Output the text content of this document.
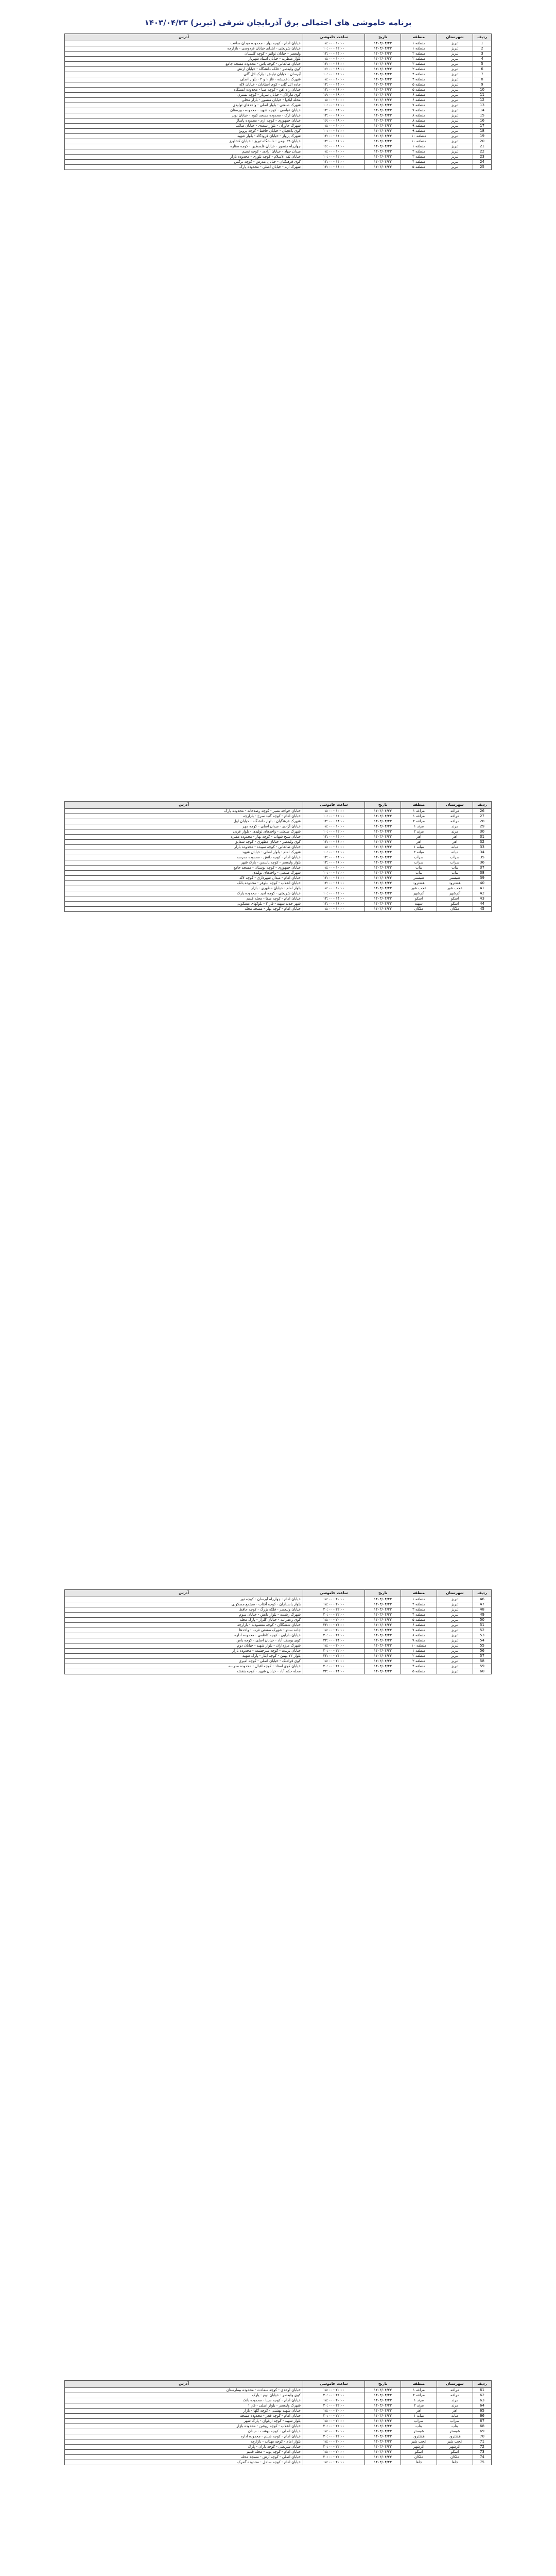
برنامه خاموشی های احتمالی برق آذربایجان شرقی (تبریز) ۱۴۰۳/۰۴/۲۳
ردیف	شهرستان	منطقه	تاریخ	ساعت خاموشی	آدرس
1	تبریز	منطقه ۱	۱۴۰۳/۰۴/۲۳	۰۸:۰۰ - ۱۰:۰۰	خیابان امام - کوچه بهار - محدوده میدان ساعت
2	تبریز	منطقه ۱	۱۴۰۳/۰۴/۲۳	۱۰:۰۰ - ۱۲:۰۰	خیابان شریعتی - ابتدای خیابان فردوسی - بازارچه
3	تبریز	منطقه ۲	۱۴۰۳/۰۴/۲۳	۱۲:۰۰ - ۱۴:۰۰	ولیعصر - خیابان توانیر - کوچه گلستان
4	تبریز	منطقه ۲	۱۴۰۳/۰۴/۲۳	۰۸:۰۰ - ۱۰:۰۰	بلوار منظریه - خیابان استاد شهریار
5	تبریز	منطقه ۳	۱۴۰۳/۰۴/۲۳	۱۴:۰۰ - ۱۶:۰۰	خیابان طالقانی - کوچه یاس - محدوده مسجد جامع
6	تبریز	منطقه ۳	۱۴۰۳/۰۴/۲۳	۱۶:۰۰ - ۱۸:۰۰	کوی ولیعصر - فلکه دانشگاه - خیابان ارتش
7	تبریز	منطقه ۴	۱۴۰۳/۰۴/۲۳	۱۰:۰۰ - ۱۲:۰۰	آبرسان - خیابان نیایش - پارک ائل گلی
8	تبریز	منطقه ۴	۱۴۰۳/۰۴/۲۳	۰۸:۰۰ - ۱۰:۰۰	شهرک باغمیشه - فاز ۱ و ۲ - بلوار اصلی
9	تبریز	منطقه ۵	۱۴۰۳/۰۴/۲۳	۱۲:۰۰ - ۱۴:۰۰	جاده ائل گلی - کوی استادان - خیابان لاله
10	تبریز	منطقه ۵	۱۴۰۳/۰۴/۲۳	۱۴:۰۰ - ۱۶:۰۰	خیابان راه آهن - کوچه صبا - محدوده ایستگاه
11	تبریز	منطقه ۶	۱۴۰۳/۰۴/۲۳	۱۶:۰۰ - ۱۸:۰۰	کوی مارالان - خیابان سرباز - کوچه نسترن
12	تبریز	منطقه ۶	۱۴۰۳/۰۴/۲۳	۰۸:۰۰ - ۱۰:۰۰	محله لیلاوا - خیابان منصور - بازار محلی
13	تبریز	منطقه ۷	۱۴۰۳/۰۴/۲۳	۱۰:۰۰ - ۱۲:۰۰	شهرک صنعتی - بلوار اصلی - واحدهای تولیدی
14	تبریز	منطقه ۷	۱۴۰۳/۰۴/۲۳	۱۲:۰۰ - ۱۴:۰۰	خیابان عباسی - کوچه شهید - محدوده دبیرستان
15	تبریز	منطقه ۸	۱۴۰۳/۰۴/۲۳	۱۴:۰۰ - ۱۶:۰۰	خیابان ارک - محدوده مسجد کبود - خیابان نوبر
16	تبریز	منطقه ۸	۱۴۰۳/۰۴/۲۳	۱۶:۰۰ - ۱۸:۰۰	خیابان جمهوری - کوچه ارم - محدوده پاساژ
17	تبریز	منطقه ۹	۱۴۰۳/۰۴/۲۳	۰۸:۰۰ - ۱۰:۰۰	شهرک خاوران - بلوار سعدی - خیابان صائب
18	تبریز	منطقه ۹	۱۴۰۳/۰۴/۲۳	۱۰:۰۰ - ۱۲:۰۰	کوی یاغچیان - خیابان حافظ - کوچه پروین
19	تبریز	منطقه ۱۰	۱۴۰۳/۰۴/۲۳	۱۲:۰۰ - ۱۴:۰۰	شهرک پرواز - خیابان فرودگاه - بلوار شهید
20	تبریز	منطقه ۱۰	۱۴۰۳/۰۴/۲۳	۱۴:۰۰ - ۱۶:۰۰	خیابان ۲۹ بهمن - دانشگاه تبریز - خیابان کشاورز
21	تبریز	منطقه ۱	۱۴۰۳/۰۴/۲۳	۱۶:۰۰ - ۱۸:۰۰	چهارراه منصور - خیابان فلسطین - کوچه ستاره
22	تبریز	منطقه ۲	۱۴۰۳/۰۴/۲۳	۰۸:۰۰ - ۱۰:۰۰	میدان جهاد - خیابان آزادی - کوچه نسیم
23	تبریز	منطقه ۳	۱۴۰۳/۰۴/۲۳	۱۰:۰۰ - ۱۲:۰۰	خیابان ثقه الاسلام - کوچه بلوری - محدوده بازار
24	تبریز	منطقه ۴	۱۴۰۳/۰۴/۲۳	۱۲:۰۰ - ۱۴:۰۰	کوی فرهنگیان - خیابان مدرس - کوچه نرگس
25	تبریز	منطقه ۵	۱۴۰۳/۰۴/۲۳	۱۴:۰۰ - ۱۶:۰۰	شهرک ارم - خیابان اصلی - محدوده پارک
ردیف	شهرستان	منطقه	تاریخ	ساعت خاموشی	آدرس
26	مراغه	مراغه ۱	۱۴۰۳/۰۴/۲۳	۰۸:۰۰ - ۱۰:۰۰	خیابان خواجه نصیر - کوچه رصدخانه - محدوده پارک
27	مراغه	مراغه ۱	۱۴۰۳/۰۴/۲۳	۱۰:۰۰ - ۱۲:۰۰	خیابان امام - کوچه گنبد سرخ - بازارچه
28	مراغه	مراغه ۲	۱۴۰۳/۰۴/۲۳	۱۲:۰۰ - ۱۴:۰۰	شهرک فرهنگیان - بلوار دانشگاه - خیابان اول
29	مرند	مرند ۱	۱۴۰۳/۰۴/۲۳	۰۸:۰۰ - ۱۰:۰۰	خیابان آزادی - میدان اصلی - کوچه مهر
30	مرند	مرند ۲	۱۴۰۳/۰۴/۲۳	۱۰:۰۰ - ۱۲:۰۰	شهرک صنعتی - واحدهای تولیدی - بلوار غربی
31	اهر	اهر	۱۴۰۳/۰۴/۲۳	۱۲:۰۰ - ۱۴:۰۰	خیابان شیخ شهاب - کوچه بهار - محدوده مقبره
32	اهر	اهر	۱۴۰۳/۰۴/۲۳	۱۴:۰۰ - ۱۶:۰۰	کوی ولیعصر - خیابان مطهری - کوچه شقایق
33	میانه	میانه ۱	۱۴۰۳/۰۴/۲۳	۰۸:۰۰ - ۱۰:۰۰	خیابان طالقانی - کوچه سپیده - محدوده بازار
34	میانه	میانه ۲	۱۴۰۳/۰۴/۲۳	۱۰:۰۰ - ۱۲:۰۰	شهرک امام - بلوار اصلی - خیابان شهید
35	سراب	سراب	۱۴۰۳/۰۴/۲۳	۱۲:۰۰ - ۱۴:۰۰	خیابان امام - کوچه دانش - محدوده مدرسه
36	سراب	سراب	۱۴۰۳/۰۴/۲۳	۱۴:۰۰ - ۱۶:۰۰	بلوار ولیعصر - کوچه یاسمن - پارک شهر
37	بناب	بناب	۱۴۰۳/۰۴/۲۳	۰۸:۰۰ - ۱۰:۰۰	خیابان جمهوری - کوچه بوستان - مسجد جامع
38	بناب	بناب	۱۴۰۳/۰۴/۲۳	۱۰:۰۰ - ۱۲:۰۰	شهرک صنعتی - واحدهای تولیدی
39	شبستر	شبستر	۱۴۰۳/۰۴/۲۳	۱۲:۰۰ - ۱۴:۰۰	خیابان امام - میدان شهرداری - کوچه لاله
40	هشترود	هشترود	۱۴۰۳/۰۴/۲۳	۱۴:۰۰ - ۱۶:۰۰	خیابان انقلاب - کوچه نیلوفر - محدوده بانک
41	عجب شیر	عجب شیر	۱۴۰۳/۰۴/۲۳	۰۸:۰۰ - ۱۰:۰۰	بلوار امام - خیابان مطهری - بازار
42	آذرشهر	آذرشهر	۱۴۰۳/۰۴/۲۳	۱۰:۰۰ - ۱۲:۰۰	خیابان شریعتی - کوچه امید - محدوده پارک
43	اسکو	اسکو	۱۴۰۳/۰۴/۲۳	۱۲:۰۰ - ۱۴:۰۰	خیابان امام - کوچه صفا - محله قدیم
44	اسکو	سهند	۱۴۰۳/۰۴/۲۳	۱۴:۰۰ - ۱۶:۰۰	شهر جدید سهند - فاز ۲ - بلوکهای مسکونی
45	ملکان	ملکان	۱۴۰۳/۰۴/۲۳	۰۸:۰۰ - ۱۰:۰۰	خیابان امام - کوچه بهار - مسجد محله
ردیف	شهرستان	منطقه	تاریخ	ساعت خاموشی	آدرس
46	تبریز	منطقه ۱	۱۴۰۳/۰۴/۲۳	۱۸:۰۰ - ۲۰:۰۰	خیابان امام - چهارراه آبرسان - کوچه نور
47	تبریز	منطقه ۲	۱۴۰۳/۰۴/۲۳	۱۸:۰۰ - ۲۰:۰۰	بلوار پاسداران - کوچه آفتاب - مجتمع مسکونی
48	تبریز	منطقه ۳	۱۴۰۳/۰۴/۲۳	۲۰:۰۰ - ۲۲:۰۰	خیابان ولیعصر - فلکه بزرگ - کوچه حافظ
49	تبریز	منطقه ۴	۱۴۰۳/۰۴/۲۳	۲۰:۰۰ - ۲۲:۰۰	شهرک رشدیه - بلوار دانش - خیابان سوم
50	تبریز	منطقه ۵	۱۴۰۳/۰۴/۲۳	۱۸:۰۰ - ۲۰:۰۰	کوی زعفرانیه - خیابان گلزار - پارک محله
51	تبریز	منطقه ۶	۱۴۰۳/۰۴/۲۳	۲۲:۰۰ - ۲۴:۰۰	خیابان ششگلان - کوچه مقصودیه - بازارچه
52	تبریز	منطقه ۷	۱۴۰۳/۰۴/۲۳	۱۸:۰۰ - ۲۰:۰۰	جاده سنتو - شهرک صنعتی غرب - واحدها
53	تبریز	منطقه ۸	۱۴۰۳/۰۴/۲۳	۲۰:۰۰ - ۲۲:۰۰	خیابان دارایی - کوچه کاظمی - محدوده اداره
54	تبریز	منطقه ۹	۱۴۰۳/۰۴/۲۳	۲۲:۰۰ - ۲۴:۰۰	کوی یوسف آباد - خیابان اصلی - کوچه یاس
55	تبریز	منطقه ۱۰	۱۴۰۳/۰۴/۲۳	۱۸:۰۰ - ۲۰:۰۰	شهرک مرزداران - بلوار شهید - خیابان دوم
56	تبریز	منطقه ۱	۱۴۰۳/۰۴/۲۳	۲۰:۰۰ - ۲۲:۰۰	خیابان تربیت - کوچه سرچشمه - محدوده بازار
57	تبریز	منطقه ۲	۱۴۰۳/۰۴/۲۳	۲۲:۰۰ - ۲۴:۰۰	بلوار ۲۲ بهمن - کوچه ایثار - پارک شهید
58	تبریز	منطقه ۳	۱۴۰۳/۰۴/۲۳	۱۸:۰۰ - ۲۰:۰۰	کوی قراملک - خیابان اصلی - کوچه امیری
59	تبریز	منطقه ۴	۱۴۰۳/۰۴/۲۳	۲۰:۰۰ - ۲۲:۰۰	خیابان کوی استاد - کوچه اقبال - محدوده مدرسه
60	تبریز	منطقه ۵	۱۴۰۳/۰۴/۲۳	۲۲:۰۰ - ۲۴:۰۰	محله حکم آباد - خیابان شهید - کوچه بنفشه
ردیف	شهرستان	منطقه	تاریخ	ساعت خاموشی	آدرس
61	مراغه	مراغه ۱	۱۴۰۳/۰۴/۲۳	۱۸:۰۰ - ۲۰:۰۰	خیابان اوحدی - کوچه سعادت - محدوده بیمارستان
62	مراغه	مراغه ۲	۱۴۰۳/۰۴/۲۳	۲۰:۰۰ - ۲۲:۰۰	کوی ولیعصر - خیابان دوم - پارک
63	مرند	مرند ۱	۱۴۰۳/۰۴/۲۳	۱۸:۰۰ - ۲۰:۰۰	خیابان امام - کوچه سینا - محدوده بانک
64	مرند	مرند ۲	۱۴۰۳/۰۴/۲۳	۲۰:۰۰ - ۲۲:۰۰	شهرک ولیعصر - بلوار اصلی - فاز ۱
65	اهر	اهر	۱۴۰۳/۰۴/۲۳	۱۸:۰۰ - ۲۰:۰۰	خیابان شهید بهشتی - کوچه گلها - بازار
66	میانه	میانه ۱	۱۴۰۳/۰۴/۲۳	۲۰:۰۰ - ۲۲:۰۰	خیابان امام - کوچه فجر - محدوده مسجد
67	سراب	سراب	۱۴۰۳/۰۴/۲۳	۱۸:۰۰ - ۲۰:۰۰	بلوار شهید - کوچه ارغوان - پارک شهر
68	بناب	بناب	۱۴۰۳/۰۴/۲۳	۲۰:۰۰ - ۲۲:۰۰	خیابان انقلاب - کوچه روشن - محدوده بازار
69	شبستر	شبستر	۱۴۰۳/۰۴/۲۳	۱۸:۰۰ - ۲۰:۰۰	خیابان اصلی - کوچه بهشت - میدان
70	هشترود	هشترود	۱۴۰۳/۰۴/۲۳	۲۰:۰۰ - ۲۲:۰۰	خیابان امام - کوچه شبنم - محدوده اداره
71	عجب شیر	عجب شیر	۱۴۰۳/۰۴/۲۳	۱۸:۰۰ - ۲۰:۰۰	بلوار امام - کوچه مهتاب - بازارچه
72	آذرشهر	آذرشهر	۱۴۰۳/۰۴/۲۳	۲۰:۰۰ - ۲۲:۰۰	خیابان شریعتی - کوچه باران - پارک
73	اسکو	اسکو	۱۴۰۳/۰۴/۲۳	۱۸:۰۰ - ۲۰:۰۰	خیابان امام - کوچه پونه - محله قدیم
74	ملکان	ملکان	۱۴۰۳/۰۴/۲۳	۲۰:۰۰ - ۲۲:۰۰	خیابان اصلی - کوچه آرش - مسجد محله
75	جلفا	جلفا	۱۴۰۳/۰۴/۲۳	۱۸:۰۰ - ۲۰:۰۰	خیابان امام - کوچه ساحل - محدوده گمرک
